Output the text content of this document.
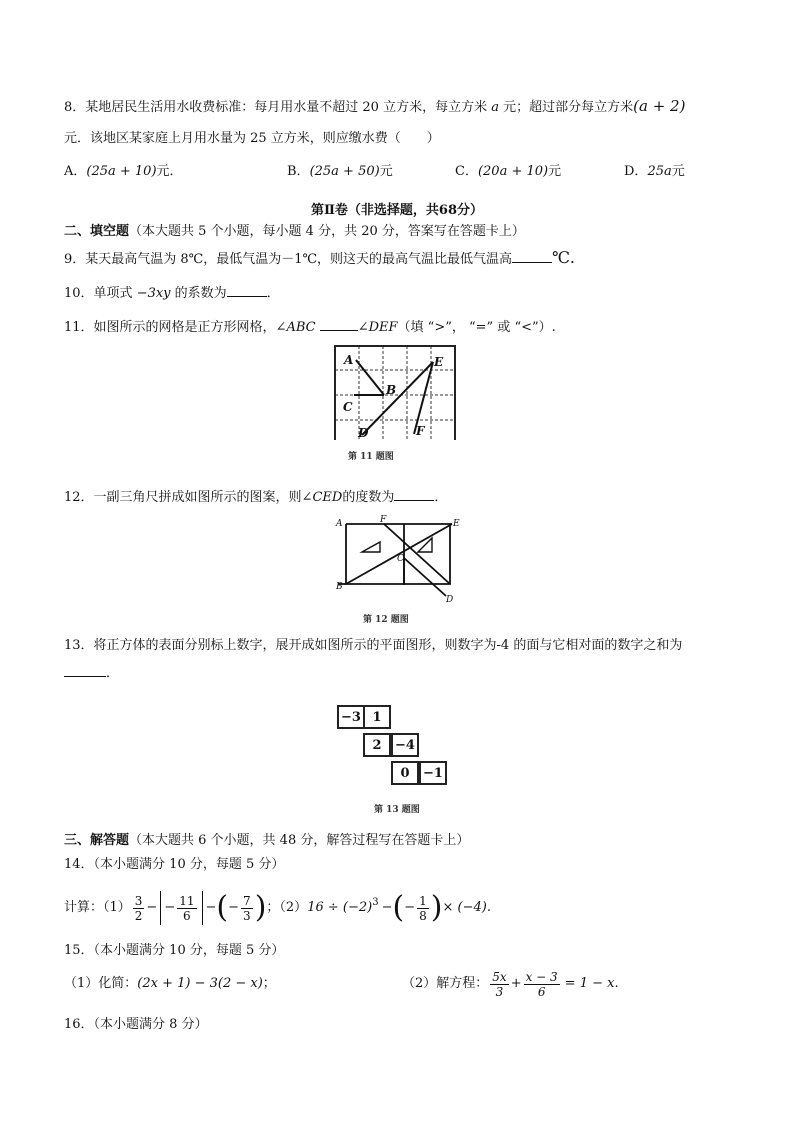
8．某地居民生活用水收费标准：每月用水量不超过 20 立方米，每立方米 a 元；超过部分每立方米(a + 2)
元．该地区某家庭上月用水量为 25 立方米，则应缴水费（　　）
A．(25a + 10)元．	B．(25a + 50)元	C．(20a + 10)元	D．25a元
第Ⅱ卷（非选择题，共68分）
二、填空题（本大题共 5 个小题，每小题 4 分，共 20 分，答案写在答题卡上）
9．某天最高气温为 8℃，最低气温为－1℃，则这天的最高气温比最低气温高	℃.
10．单项式 −3xy 的系数为	．
11．如图所示的网格是正方形网格，∠ABC	∠DEF（填 “>”， “=” 或 “<”）.
A
B
C
D
E
F
第 11 题图
12．一副三角尺拼成如图所示的图案，则∠CED的度数为	．
A	F	E
C
B
D
第 12 题图
13．将正方体的表面分别标上数字，展开成如图所示的平面图形，则数字为-4 的面与它相对面的数字之和为
．
−3 1
2	−4
0	−1
第 13 题图
三、解答题（本大题共 6 个小题，共 48 分，解答过程写在答题卡上）
14．（本小题满分 10 分，每题 5 分）
计算：$(1) \frac{3}{2}$ − − $\frac{11}{6}$ − ( − $\frac{7}{3}$ ) ；（2） $16 \div (-2)^3$ − ( − $\frac{1}{8}$ ) × (−4) .
15．（本小题满分 10 分，每题 5 分）
（1）化简：(2x + 1) − 3(2 − x)；	（2）解方程： $\frac{5x}{3} + \frac{x - 3}{6} = 1 - x$ .
16．（本小题满分 8 分）
